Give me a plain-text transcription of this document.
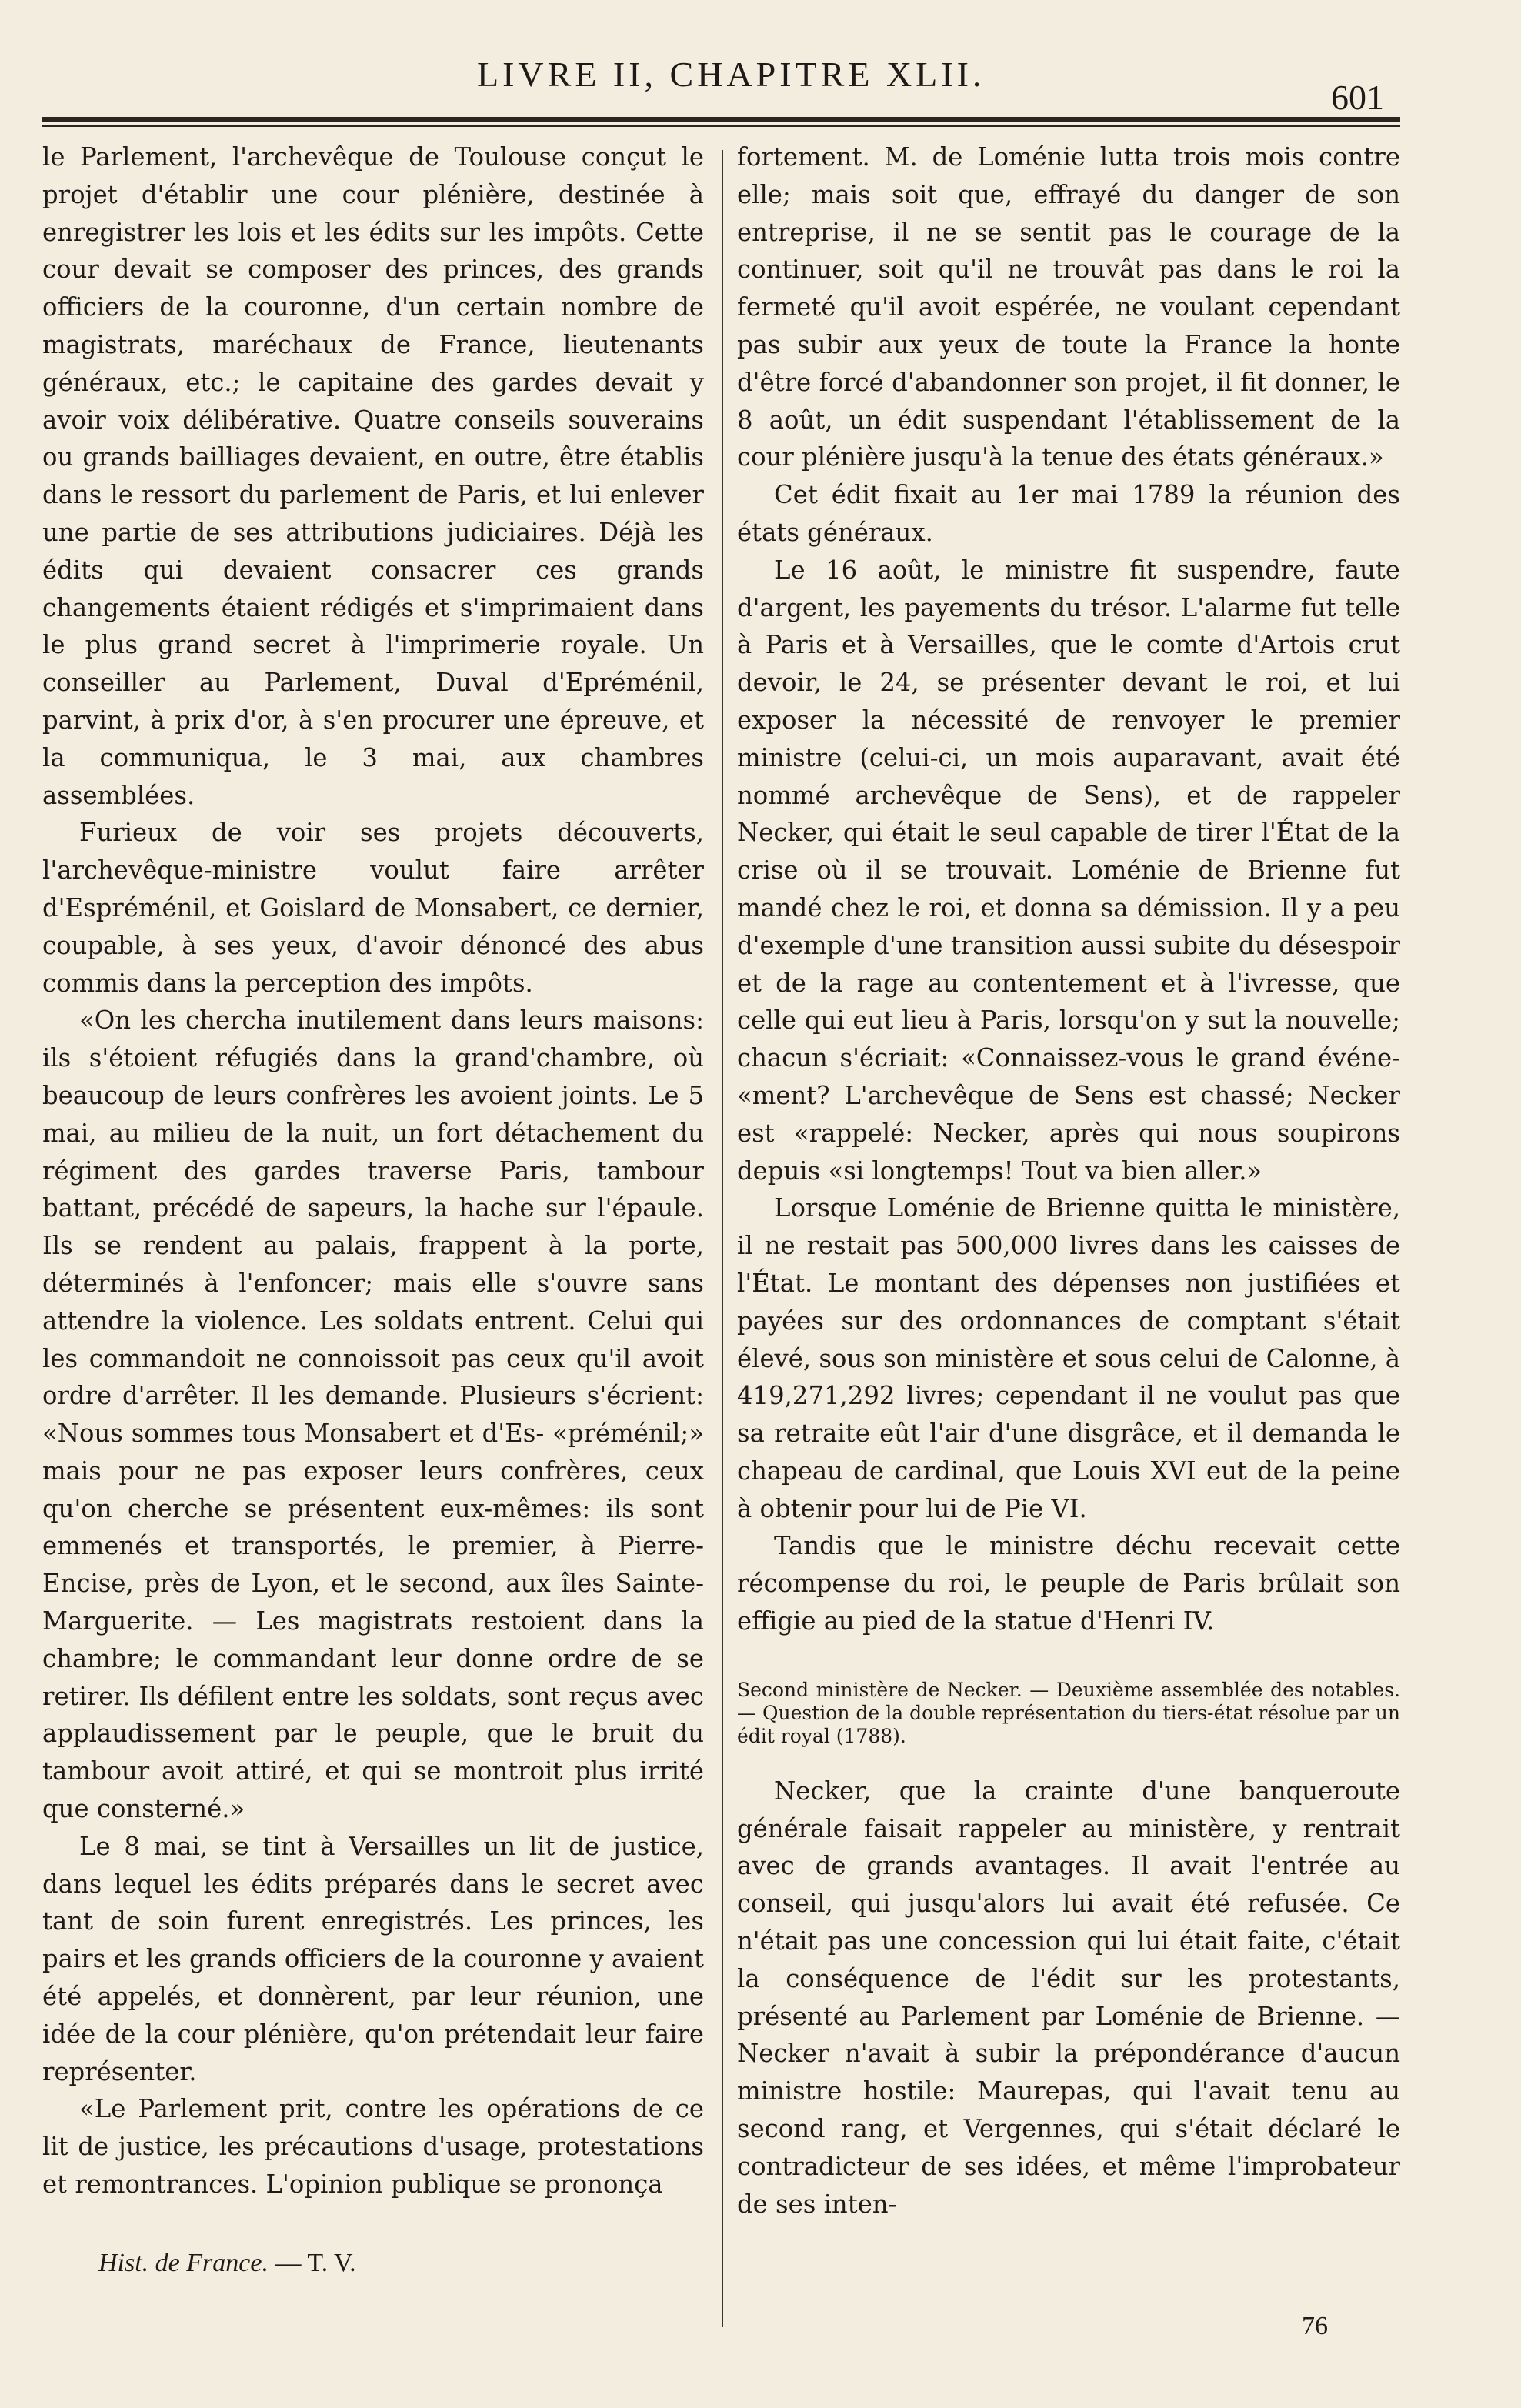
LIVRE II, CHAPITRE XLII.
601

le Parlement, l'archevêque de Toulouse conçut le projet d'établir une cour plénière, destinée à enregistrer les lois et les édits sur les impôts. Cette cour devait se composer des princes, des grands officiers de la couronne, d'un certain nombre de magistrats, maréchaux de France, lieutenants généraux, etc.; le capitaine des gardes devait y avoir voix délibérative. Quatre conseils souverains ou grands bailliages devaient, en outre, être établis dans le ressort du parlement de Paris, et lui enlever une partie de ses attributions judiciaires. Déjà les édits qui devaient consacrer ces grands changements étaient rédigés et s'imprimaient dans le plus grand secret à l'imprimerie royale. Un conseiller au Parlement, Duval d'Epréménil, parvint, à prix d'or, à s'en procurer une épreuve, et la communiqua, le 3 mai, aux chambres assemblées.

Furieux de voir ses projets découverts, l'archevêque-ministre voulut faire arrêter d'Espréménil, et Goislard de Monsabert, ce dernier, coupable, à ses yeux, d'avoir dénoncé des abus commis dans la perception des impôts.

«On les chercha inutilement dans leurs maisons: ils s'étoient réfugiés dans la grand'chambre, où beaucoup de leurs confrères les avoient joints. Le 5 mai, au milieu de la nuit, un fort détachement du régiment des gardes traverse Paris, tambour battant, précédé de sapeurs, la hache sur l'épaule. Ils se rendent au palais, frappent à la porte, déterminés à l'enfoncer; mais elle s'ouvre sans attendre la violence. Les soldats entrent. Celui qui les commandoit ne connoissoit pas ceux qu'il avoit ordre d'arrêter. Il les demande. Plusieurs s'écrient: «Nous sommes tous Monsabert et d'Es- «préménil;» mais pour ne pas exposer leurs confrères, ceux qu'on cherche se présentent eux-mêmes: ils sont emmenés et transportés, le premier, à Pierre-Encise, près de Lyon, et le second, aux îles Sainte-Marguerite. — Les magistrats restoient dans la chambre; le commandant leur donne ordre de se retirer. Ils défilent entre les soldats, sont reçus avec applaudissement par le peuple, que le bruit du tambour avoit attiré, et qui se montroit plus irrité que consterné.»

Le 8 mai, se tint à Versailles un lit de justice, dans lequel les édits préparés dans le secret avec tant de soin furent enregistrés. Les princes, les pairs et les grands officiers de la couronne y avaient été appelés, et donnèrent, par leur réunion, une idée de la cour plénière, qu'on prétendait leur faire représenter.

«Le Parlement prit, contre les opérations de ce lit de justice, les précautions d'usage, protestations et remontrances. L'opinion publique se prononça

fortement. M. de Loménie lutta trois mois contre elle; mais soit que, effrayé du danger de son entreprise, il ne se sentit pas le courage de la continuer, soit qu'il ne trouvât pas dans le roi la fermeté qu'il avoit espérée, ne voulant cependant pas subir aux yeux de toute la France la honte d'être forcé d'abandonner son projet, il fit donner, le 8 août, un édit suspendant l'établissement de la cour plénière jusqu'à la tenue des états généraux.»

Cet édit fixait au 1er mai 1789 la réunion des états généraux.

Le 16 août, le ministre fit suspendre, faute d'argent, les payements du trésor. L'alarme fut telle à Paris et à Versailles, que le comte d'Artois crut devoir, le 24, se présenter devant le roi, et lui exposer la nécessité de renvoyer le premier ministre (celui-ci, un mois auparavant, avait été nommé archevêque de Sens), et de rappeler Necker, qui était le seul capable de tirer l'État de la crise où il se trouvait. Loménie de Brienne fut mandé chez le roi, et donna sa démission. Il y a peu d'exemple d'une transition aussi subite du désespoir et de la rage au contentement et à l'ivresse, que celle qui eut lieu à Paris, lorsqu'on y sut la nouvelle; chacun s'écriait: «Connaissez-vous le grand événe- «ment? L'archevêque de Sens est chassé; Necker est «rappelé: Necker, après qui nous soupirons depuis «si longtemps! Tout va bien aller.»

Lorsque Loménie de Brienne quitta le ministère, il ne restait pas 500,000 livres dans les caisses de l'État. Le montant des dépenses non justifiées et payées sur des ordonnances de comptant s'était élevé, sous son ministère et sous celui de Calonne, à 419,271,292 livres; cependant il ne voulut pas que sa retraite eût l'air d'une disgrâce, et il demanda le chapeau de cardinal, que Louis XVI eut de la peine à obtenir pour lui de Pie VI.

Tandis que le ministre déchu recevait cette récompense du roi, le peuple de Paris brûlait son effigie au pied de la statue d'Henri IV.

Second ministère de Necker. — Deuxième assemblée des notables. — Question de la double représentation du tiers-état résolue par un édit royal (1788).

Necker, que la crainte d'une banqueroute générale faisait rappeler au ministère, y rentrait avec de grands avantages. Il avait l'entrée au conseil, qui jusqu'alors lui avait été refusée. Ce n'était pas une concession qui lui était faite, c'était la conséquence de l'édit sur les protestants, présenté au Parlement par Loménie de Brienne. — Necker n'avait à subir la prépondérance d'aucun ministre hostile: Maurepas, qui l'avait tenu au second rang, et Vergennes, qui s'était déclaré le contradicteur de ses idées, et même l'improbateur de ses inten-

Hist. de France. — T. V.
76
